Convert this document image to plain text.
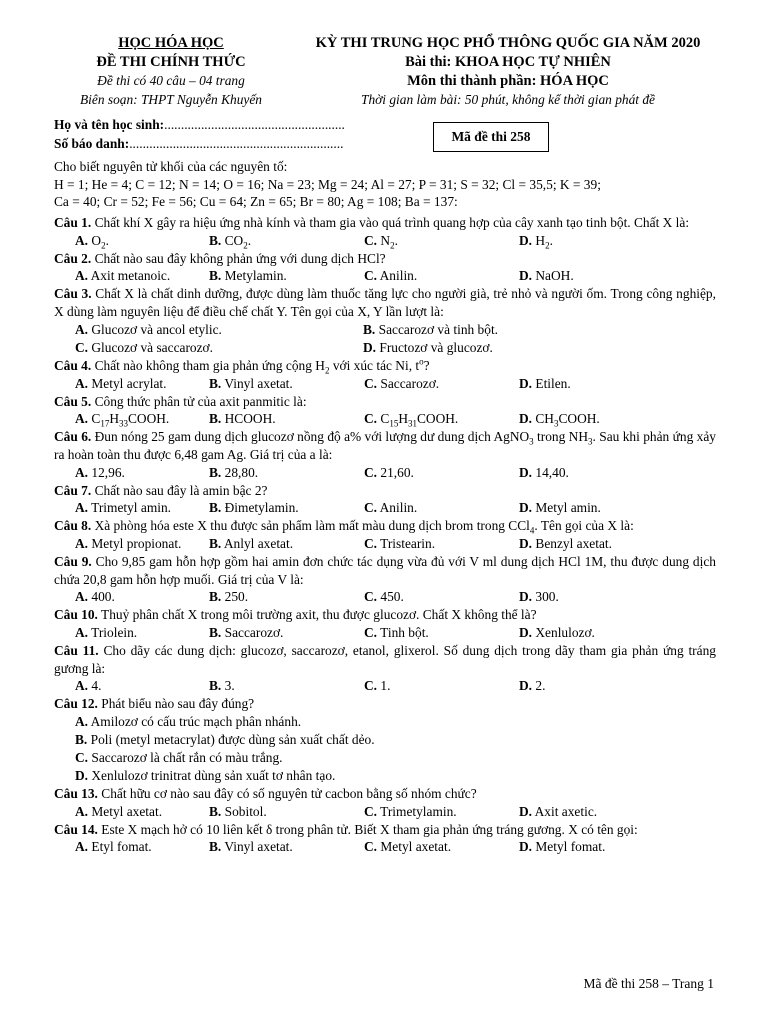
HỌC HÓA HỌC
ĐỀ THI CHÍNH THỨC
Đề thi có 40 câu – 04 trang
Biên soạn: THPT Nguyễn Khuyến
KỲ THI TRUNG HỌC PHỔ THÔNG QUỐC GIA NĂM 2020
Bài thi: KHOA HỌC TỰ NHIÊN
Môn thi thành phần: HÓA HỌC
Thời gian làm bài: 50 phút, không kể thời gian phát đề
Họ và tên học sinh:......................................................
Số báo danh:................................................................	Mã đề thi 258
Cho biết nguyên tử khối của các nguyên tố:
H = 1; He = 4; C = 12; N = 14; O = 16; Na = 23; Mg = 24; Al = 27; P = 31; S = 32; Cl = 35,5; K = 39;
Ca = 40; Cr = 52; Fe = 56; Cu = 64; Zn = 65; Br = 80; Ag = 108; Ba = 137:
Câu 1. Chất khí X gây ra hiệu ứng nhà kính và tham gia vào quá trình quang hợp của cây xanh tạo tinh bột. Chất X là:
A. $O_2$.	B. $CO_2$.	C. $N_2$.	D. $H_2$.
Câu 2. Chất nào sau đây không phản ứng với dung dịch HCl?
A. Axit metanoic.	B. Metylamin.	C. Anilin.	D. NaOH.
Câu 3. Chất X là chất dinh dưỡng, được dùng làm thuốc tăng lực cho người già, trẻ nhỏ và người ốm. Trong công nghiệp, X dùng làm nguyên liệu để điều chế chất Y. Tên gọi của X, Y lần lượt là:
A. Glucozơ và ancol etylic.	B. Saccarozơ và tinh bột.
C. Glucozơ và saccarozơ.	D. Fructozơ và glucozơ.
Câu 4. Chất nào không tham gia phản ứng cộng $H_2$ với xúc tác Ni, $t^o$?
A. Metyl acrylat.	B. Vinyl axetat.	C. Saccarozơ.	D. Etilen.
Câu 5. Công thức phân tử của axit panmitic là:
A. $C_{17}H_{33}COOH$.	B. HCOOH.	C. $C_{15}H_{31}COOH$.	D. $CH_3COOH$.
Câu 6. Đun nóng 25 gam dung dịch glucozơ nồng độ a% với lượng dư dung dịch AgNO$_3$ trong $NH_3$. Sau khi phản ứng xảy ra hoàn toàn thu được 6,48 gam Ag. Giá trị của a là:
A. 12,96.	B. 28,80.	C. 21,60.	D. 14,40.
Câu 7. Chất nào sau đây là amin bậc 2?
A. Trimetyl amin.	B. Đimetylamin.	C. Anilin.	D. Metyl amin.
Câu 8. Xà phòng hóa este X thu được sản phẩm làm mất màu dung dịch brom trong CCl$_4$. Tên gọi của X là:
A. Metyl propionat.	B. Anlyl axetat.	C. Tristearin.	D. Benzyl axetat.
Câu 9. Cho 9,85 gam hỗn hợp gồm hai amin đơn chức tác dụng vừa đủ với V ml dung dịch HCl 1M, thu được dung dịch chứa 20,8 gam hỗn hợp muối. Giá trị của V là:
A. 400.	B. 250.	C. 450.	D. 300.
Câu 10. Thuỷ phân chất X trong môi trường axit, thu được glucozơ. Chất X không thể là?
A. Triolein.	B. Saccarozơ.	C. Tinh bột.	D. Xenlulozơ.
Câu 11. Cho dãy các dung dịch: glucozơ, saccarozơ, etanol, glixerol. Số dung dịch trong dãy tham gia phản ứng tráng gương là:
A. 4.	B. 3.	C. 1.	D. 2.
Câu 12. Phát biểu nào sau đây đúng?
A. Amilozơ có cấu trúc mạch phân nhánh.
B. Poli (metyl metacrylat) được dùng sản xuất chất dẻo.
C. Saccarozơ là chất rắn có màu trắng.
D. Xenlulozơ trinitrat dùng sản xuất tơ nhân tạo.
Câu 13. Chất hữu cơ nào sau đây có số nguyên tử cacbon bằng số nhóm chức?
A. Metyl axetat.	B. Sobitol.	C. Trimetylamin.	D. Axit axetic.
Câu 14. Este X mạch hở có 10 liên kết δ trong phân tử. Biết X tham gia phản ứng tráng gương. X có tên gọi:
A. Etyl fomat.	B. Vinyl axetat.	C. Metyl axetat.	D. Metyl fomat.
Mã đề thi 258 – Trang 1
